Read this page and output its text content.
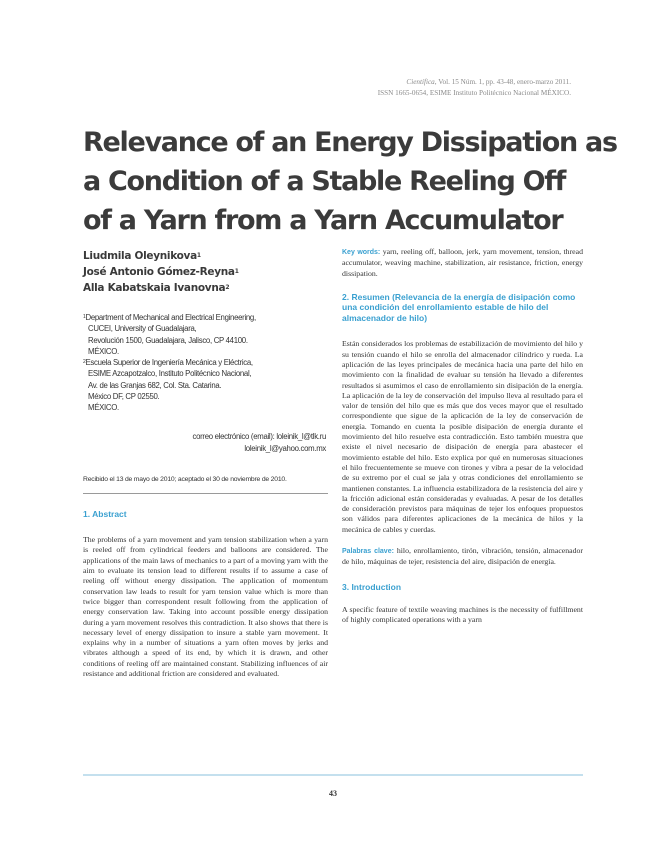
Científica, Vol. 15 Núm. 1, pp. 43-48, enero-marzo 2011.
ISSN 1665-0654, ESIME Instituto Politécnico Nacional MÉXICO.
Relevance of an Energy Dissipation as
a Condition of a Stable Reeling Off
of a Yarn from a Yarn Accumulator
Liudmila Oleynikova$^1$
José Antonio Gómez-Reyna$^1$
Alla Kabatskaia Ivanovna$^2$
$^1$Department of Mechanical and Electrical Engineering,
CUCEI, University of Guadalajara,
Revolución 1500, Guadalajara, Jalisco, CP 44100.
MÉXICO.
$^2$Escuela Superior de Ingeniería Mecánica y Eléctrica,
ESIME Azcapotzalco, Instituto Politécnico Nacional,
Av. de las Granjas 682, Col. Sta. Catarina.
México DF, CP 02550.
MÉXICO.
correo electrónico (email): loleinik_l@tlk.ru
loleinik_l@yahoo.com.mx
Recibido el 13 de mayo de 2010; aceptado el 30 de noviembre de 2010.
1. Abstract

The problems of a yarn movement and yarn tension stabilization when a yarn is reeled off from cylindrical feeders and balloons are considered. The applications of the main laws of mechanics to a part of a moving yarn with the aim to evaluate its tension lead to different results if to assume a case of reeling off without energy dissipation. The application of momentum conservation law leads to result for yarn tension value which is more than twice bigger than correspondent result following from the application of energy conservation law. Taking into account possible energy dissipation during a yarn movement resolves this contradiction. It also shows that there is necessary level of energy dissipation to insure a stable yarn movement. It explains why in a number of situations a yarn often moves by jerks and vibrates although a speed of its end, by which it is drawn, and other conditions of reeling off are maintained constant. Stabilizing influences of air resistance and additional friction are considered and evaluated.

Key words: yarn, reeling off, balloon, jerk, yarn movement, tension, thread accumulator, weaving machine, stabilization, air resistance, friction, energy dissipation.

2. Resumen (Relevancia de la energía de disipación como una condición del enrollamiento estable de hilo del almacenador de hilo)

Están considerados los problemas de estabilización de movimiento del hilo y su tensión cuando el hilo se enrolla del almacenador cilíndrico y rueda. La aplicación de las leyes principales de mecánica hacia una parte del hilo en movimiento con la finalidad de evaluar su tensión ha llevado a diferentes resultados si asumimos el caso de enrollamiento sin disipación de la energía. La aplicación de la ley de conservación del impulso lleva al resultado para el valor de tensión del hilo que es más que dos veces mayor que el resultado correspondiente que sigue de la aplicación de la ley de conservación de energía. Tomando en cuenta la posible disipación de energía durante el movimiento del hilo resuelve esta contradicción. Esto también muestra que existe el nivel necesario de disipación de energía para abastecer el movimiento estable del hilo. Esto explica por qué en numerosas situaciones el hilo frecuentemente se mueve con tirones y vibra a pesar de la velocidad de su extremo por el cual se jala y otras condiciones del enrollamiento se mantienen constantes. La influencia estabilizadora de la resistencia del aire y la fricción adicional están consideradas y evaluadas. A pesar de los detalles de consideración previstos para máquinas de tejer los enfoques propuestos son válidos para diferentes aplicaciones de la mecánica de hilos y la mecánica de cables y cuerdas.

Palabras clave: hilo, enrollamiento, tirón, vibración, tensión, almacenador de hilo, máquinas de tejer, resistencia del aire, disipación de energía.

3. Introduction

A specific feature of textile weaving machines is the necessity of fulfillment of highly complicated operations with a yarn

43
